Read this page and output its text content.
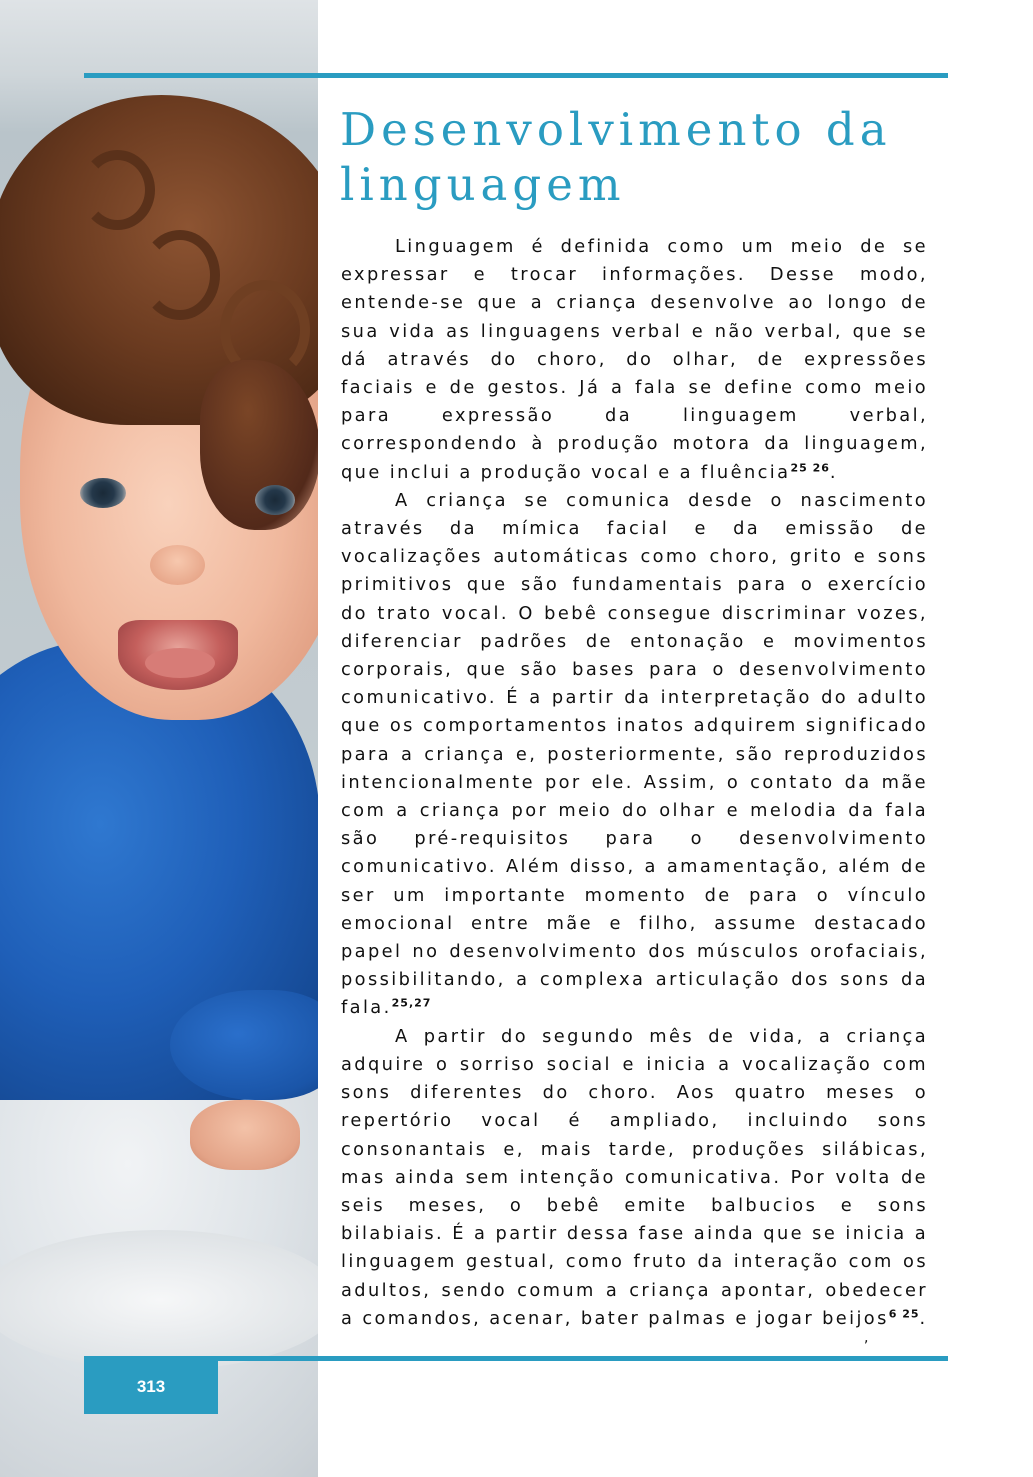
Desenvolvimento da linguagem

Linguagem é definida como um meio de se expressar e trocar informações. Desse modo, entende-se que a criança desenvolve ao longo de sua vida as linguagens verbal e não verbal, que se dá através do choro, do olhar, de expressões faciais e de gestos. Já a fala se define como meio para expressão da linguagem verbal, correspondendo à produção motora da linguagem, que inclui a produção vocal e a fluência$^{25 26}$.

A criança se comunica desde o nascimento através da mímica facial e da emissão de vocalizações automáticas como choro, grito e sons primitivos que são fundamentais para o exercício do trato vocal. O bebê consegue discriminar vozes, diferenciar padrões de entonação e movimentos corporais, que são bases para o desenvolvimento comunicativo. É a partir da interpretação do adulto que os comportamentos inatos adquirem significado para a criança e, posteriormente, são reproduzidos intencionalmente por ele. Assim, o contato da mãe com a criança por meio do olhar e melodia da fala são pré-requisitos para o desenvolvimento comunicativo. Além disso, a amamentação, além de ser um importante momento de para o vínculo emocional entre mãe e filho, assume destacado papel no desenvolvimento dos músculos orofaciais, possibilitando, a complexa articulação dos sons da fala.$^{25,27}$

A partir do segundo mês de vida, a criança adquire o sorriso social e inicia a vocalização com sons diferentes do choro. Aos quatro meses o repertório vocal é ampliado, incluindo sons consonantais e, mais tarde, produções silábicas, mas ainda sem intenção comunicativa. Por volta de seis meses, o bebê emite balbucios e sons bilabiais. É a partir dessa fase ainda que se inicia a linguagem gestual, como fruto da interação com os adultos, sendo comum a criança apontar, obedecer a comandos, acenar, bater palmas e jogar beijos$^{6 25}$.

,
313
